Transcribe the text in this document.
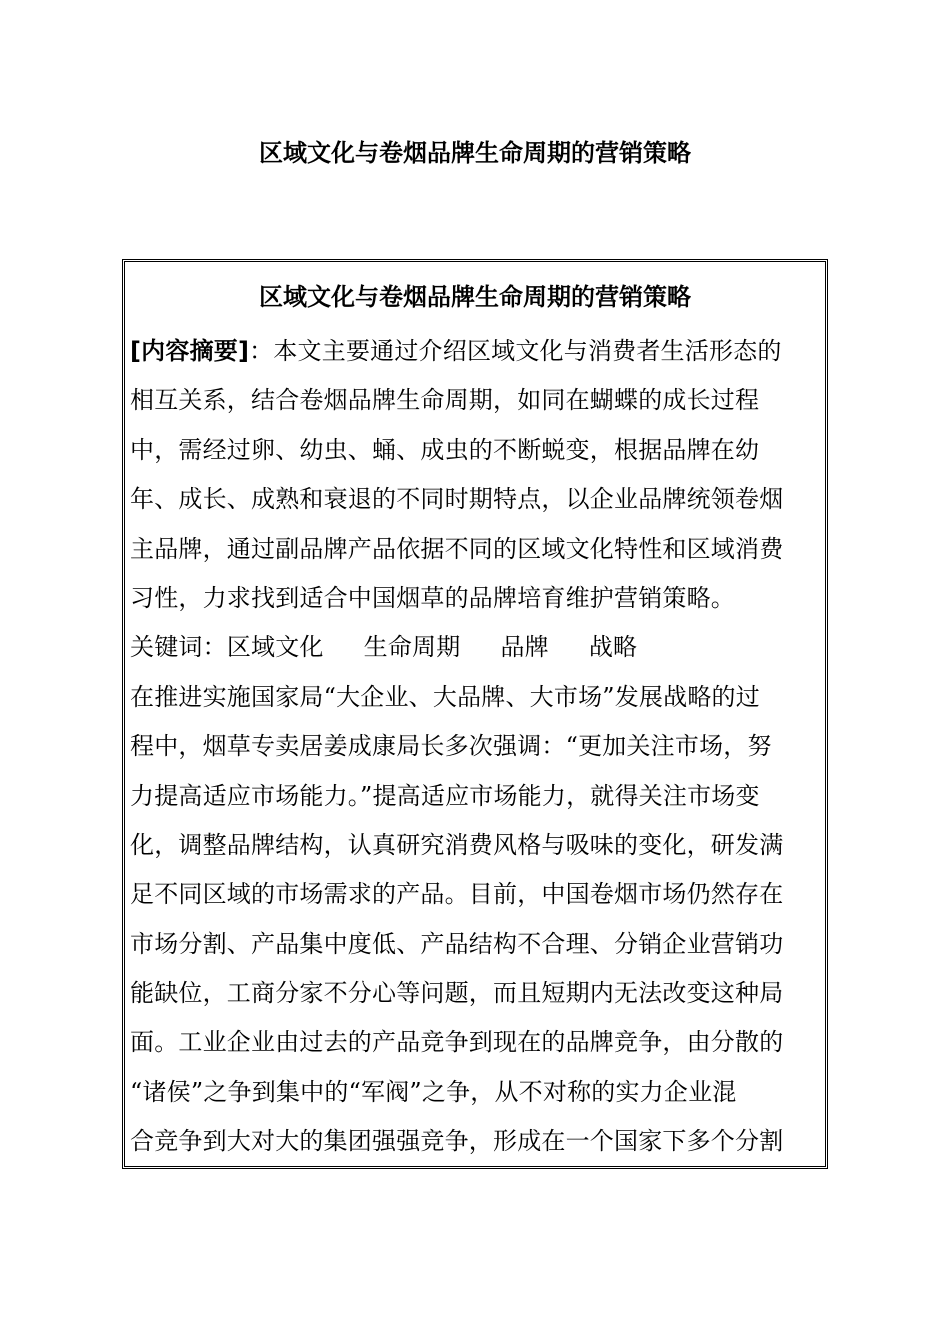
区域文化与卷烟品牌生命周期的营销策略
区域文化与卷烟品牌生命周期的营销策略
[内容摘要]：本文主要通过介绍区域文化与消费者生活形态的
相互关系，结合卷烟品牌生命周期，如同在蝴蝶的成长过程
中，需经过卵、幼虫、蛹、成虫的不断蜕变，根据品牌在幼
年、成长、成熟和衰退的不同时期特点，以企业品牌统领卷烟
主品牌，通过副品牌产品依据不同的区域文化特性和区域消费
习性，力求找到适合中国烟草的品牌培育维护营销策略。
关键词：区域文化 生命周期 品牌 战略
在推进实施国家局“大企业、大品牌、大市场”发展战略的过
程中，烟草专卖居姜成康局长多次强调：“更加关注市场，努
力提高适应市场能力。”提高适应市场能力，就得关注市场变
化，调整品牌结构，认真研究消费风格与吸味的变化，研发满
足不同区域的市场需求的产品。目前，中国卷烟市场仍然存在
市场分割、产品集中度低、产品结构不合理、分销企业营销功
能缺位，工商分家不分心等问题，而且短期内无法改变这种局
面。工业企业由过去的产品竞争到现在的品牌竞争，由分散的
“诸侯”之争到集中的“军阀”之争，从不对称的实力企业混
合竞争到大对大的集团强强竞争，形成在一个国家下多个分割
